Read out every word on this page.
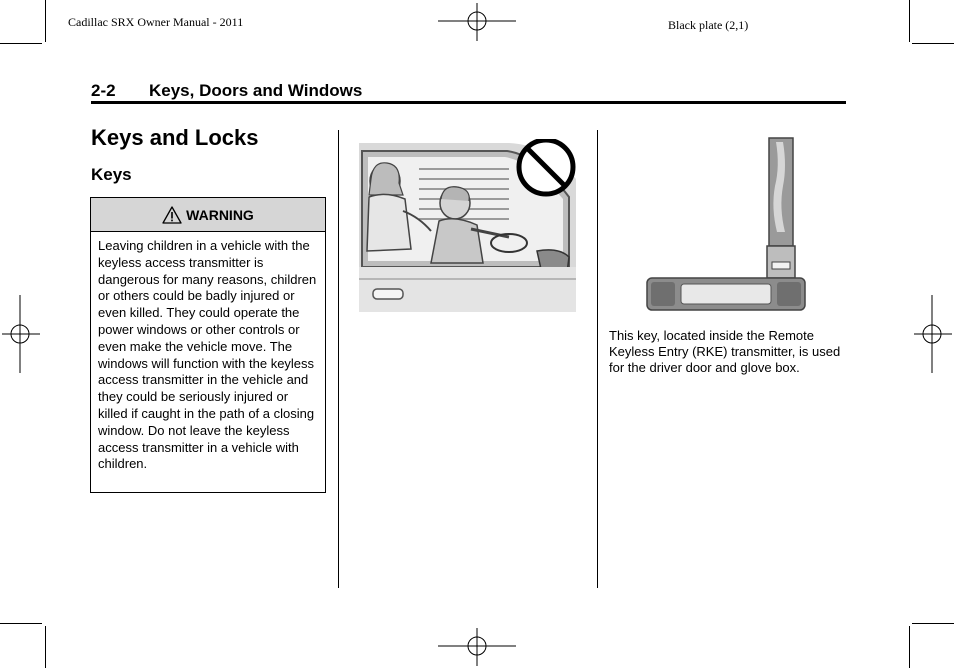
Cadillac SRX Owner Manual - 2011	Black plate (2,1)
2-2 Keys, Doors and Windows
Keys and Locks
Keys
WARNING
Leaving children in a vehicle with the keyless access transmitter is dangerous for many reasons, children or others could be badly injured or even killed. They could operate the power windows or other controls or even make the vehicle move. The windows will function with the keyless access transmitter in the vehicle and they could be seriously injured or killed if caught in the path of a closing window. Do not leave the keyless access transmitter in a vehicle with children.
This key, located inside the Remote Keyless Entry (RKE) transmitter, is used for the driver door and glove box.
